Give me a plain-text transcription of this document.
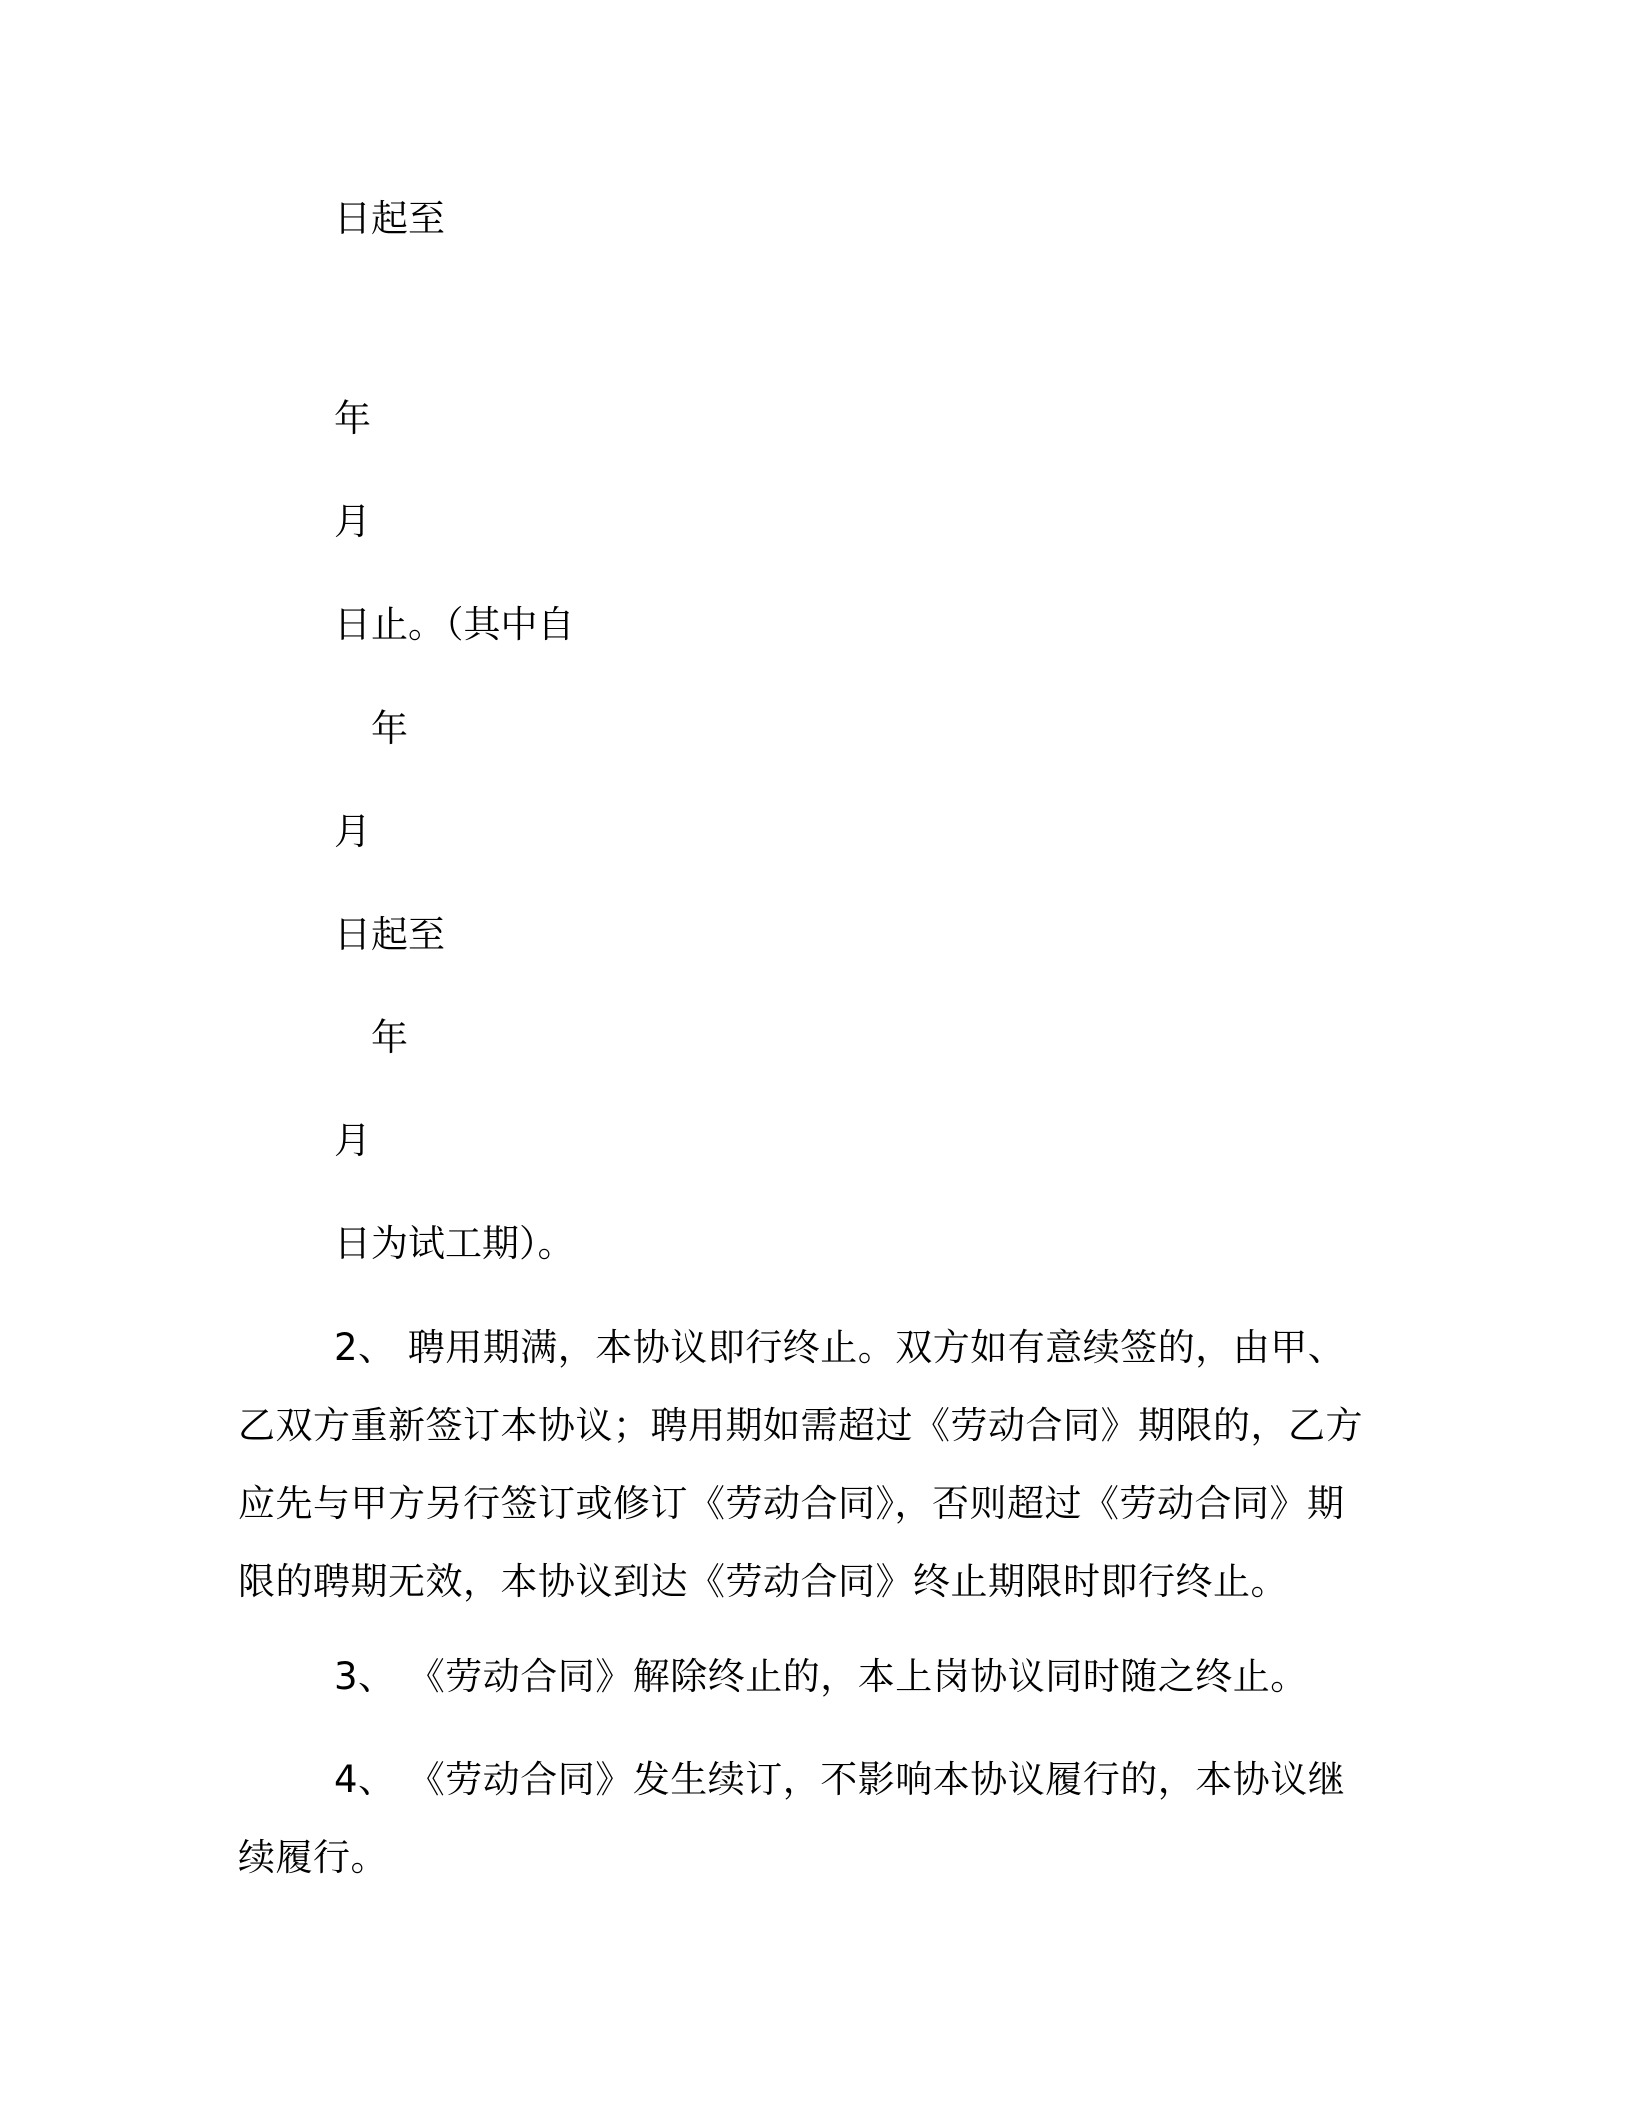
日起至
年
月
日止。（其中自
年
月
日起至
年
月
日为试工期）。
2、 聘用期满，本协议即行终止。双方如有意续签的，由甲、乙双方重新签订本协议；聘用期如需超过《劳动合同》期限的，乙方应先与甲方另行签订或修订《劳动合同》，否则超过《劳动合同》期限的聘期无效，本协议到达《劳动合同》终止期限时即行终止。
3、 《劳动合同》解除终止的，本上岗协议同时随之终止。
4、 《劳动合同》发生续订，不影响本协议履行的，本协议继续履行。
